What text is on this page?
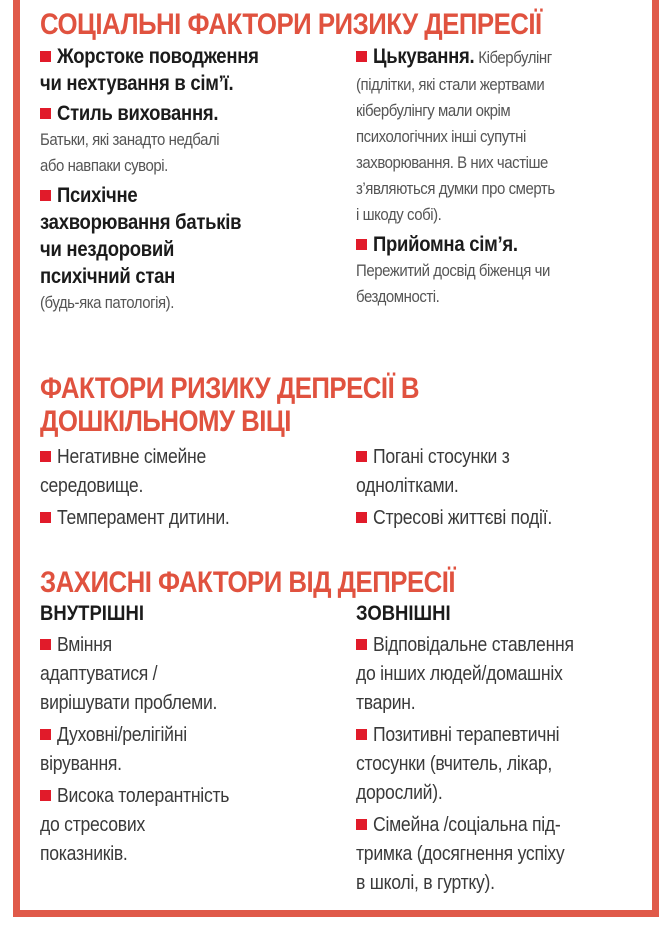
СОЦІАЛЬНІ ФАКТОРИ РИЗИКУ ДЕПРЕСІЇ
Жорстоке поводження
чи нехтування в сім’ї.
Стиль виховання.
Батьки, які занадто недбалі
або навпаки суворі.
Психічне
захворювання батьків
чи нездоровий
психічний стан
(будь-яка патологія).
Цькування. Кібербулінг
(підлітки, які стали жертвами
кібербулінгу мали окрім
психологічних інші супутні
захворювання. В них частіше
з’являються думки про смерть
і шкоду собі).
Прийомна сім’я.
Пережитий досвід біженця чи
бездомності.
ФАКТОРИ РИЗИКУ ДЕПРЕСІЇ В
ДОШКІЛЬНОМУ ВІЦІ
Негативне сімейне
середовище.
Темперамент дитини.
Погані стосунки з
однолітками.
Стресові життєві події.
ЗАХИСНІ ФАКТОРИ ВІД ДЕПРЕСІЇ
ВНУТРІШНІ
Вміння
адаптуватися /
вирішувати проблеми.
Духовні/релігійні
вірування.
Висока толерантність
до стресових
показників.
ЗОВНІШНІ
Відповідальне ставлення
до інших людей/домашніх
тварин.
Позитивні терапевтичні
стосунки (вчитель, лікар,
дорослий).
Сімейна /соціальна під-
тримка (досягнення успіху
в школі, в гуртку).
